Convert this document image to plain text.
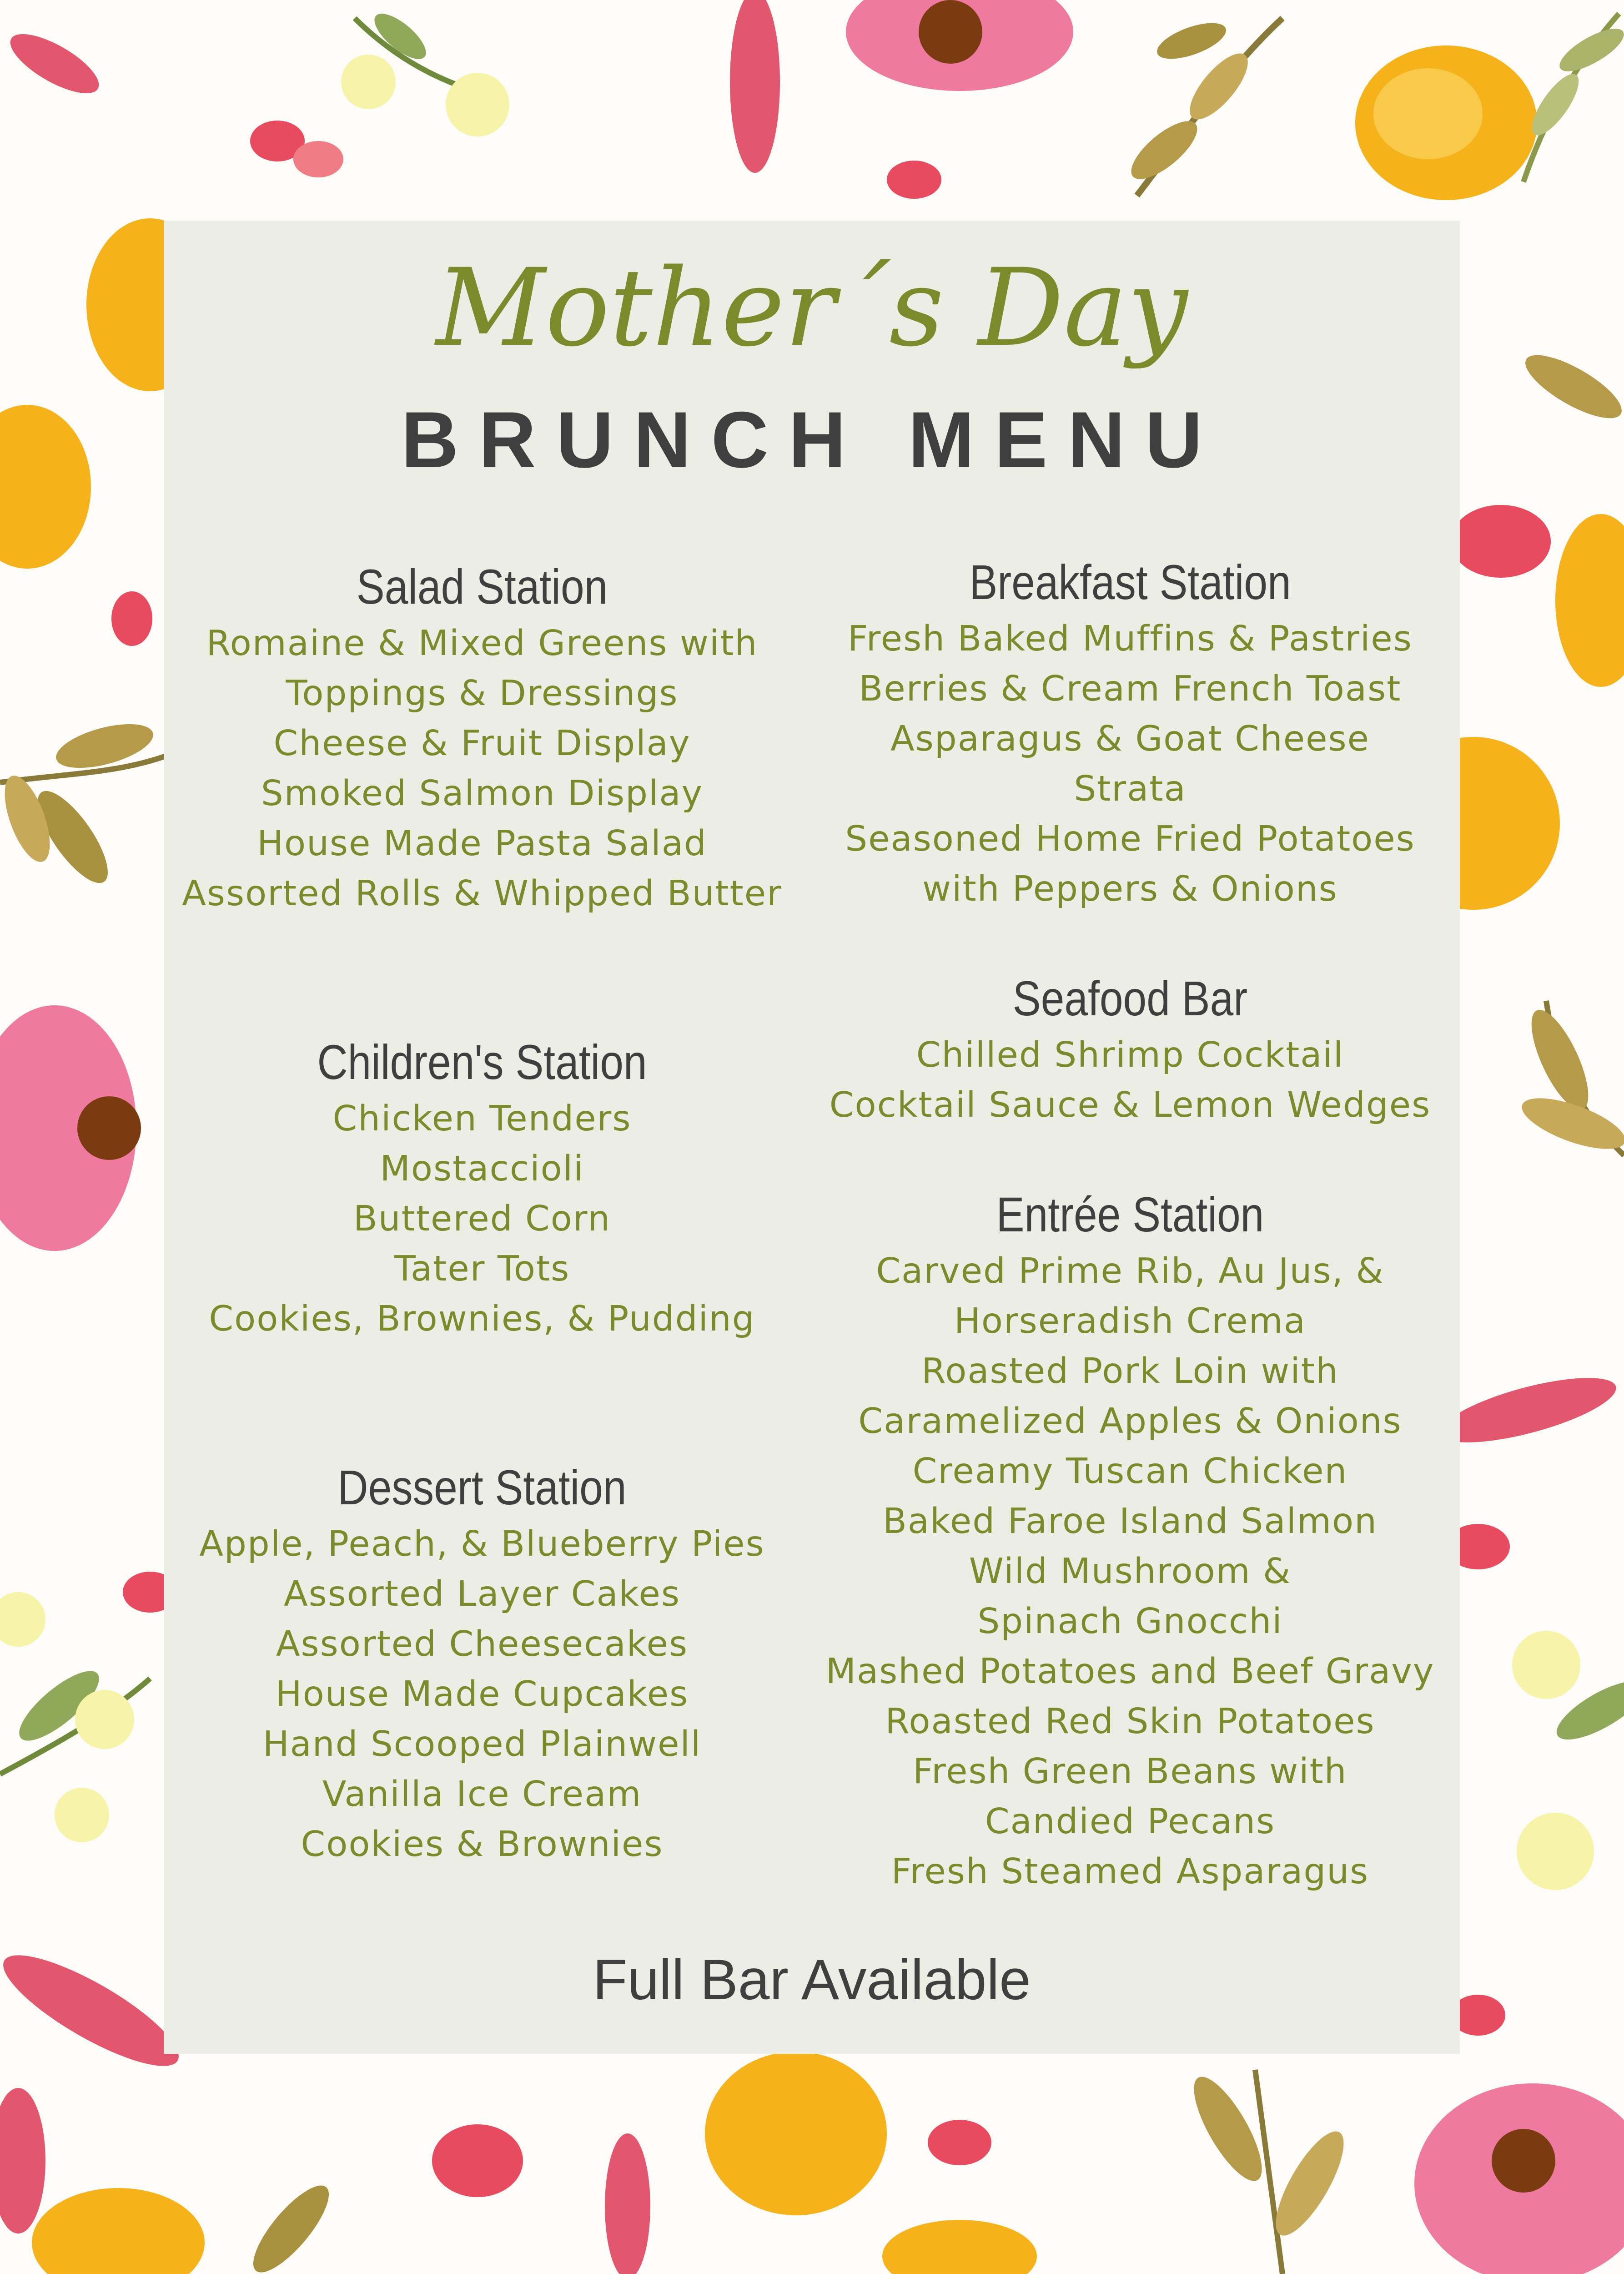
Mother´s Day
BRUNCH MENU
Salad Station
Romaine & Mixed Greens with
Toppings & Dressings
Cheese & Fruit Display
Smoked Salmon Display
House Made Pasta Salad
Assorted Rolls & Whipped Butter
Breakfast Station
Fresh Baked Muffins & Pastries
Berries & Cream French Toast
Asparagus & Goat Cheese
Strata
Seasoned Home Fried Potatoes
with Peppers & Onions
Seafood Bar
Chilled Shrimp Cocktail
Cocktail Sauce & Lemon Wedges
Children's Station
Chicken Tenders
Mostaccioli
Buttered Corn
Tater Tots
Cookies, Brownies, & Pudding
Entrée Station
Carved Prime Rib, Au Jus, &
Horseradish Crema
Roasted Pork Loin with
Caramelized Apples & Onions
Creamy Tuscan Chicken
Baked Faroe Island Salmon
Wild Mushroom &
Spinach Gnocchi
Mashed Potatoes and Beef Gravy
Roasted Red Skin Potatoes
Fresh Green Beans with
Candied Pecans
Fresh Steamed Asparagus
Dessert Station
Apple, Peach, & Blueberry Pies
Assorted Layer Cakes
Assorted Cheesecakes
House Made Cupcakes
Hand Scooped Plainwell
Vanilla Ice Cream
Cookies & Brownies
Full Bar Available
